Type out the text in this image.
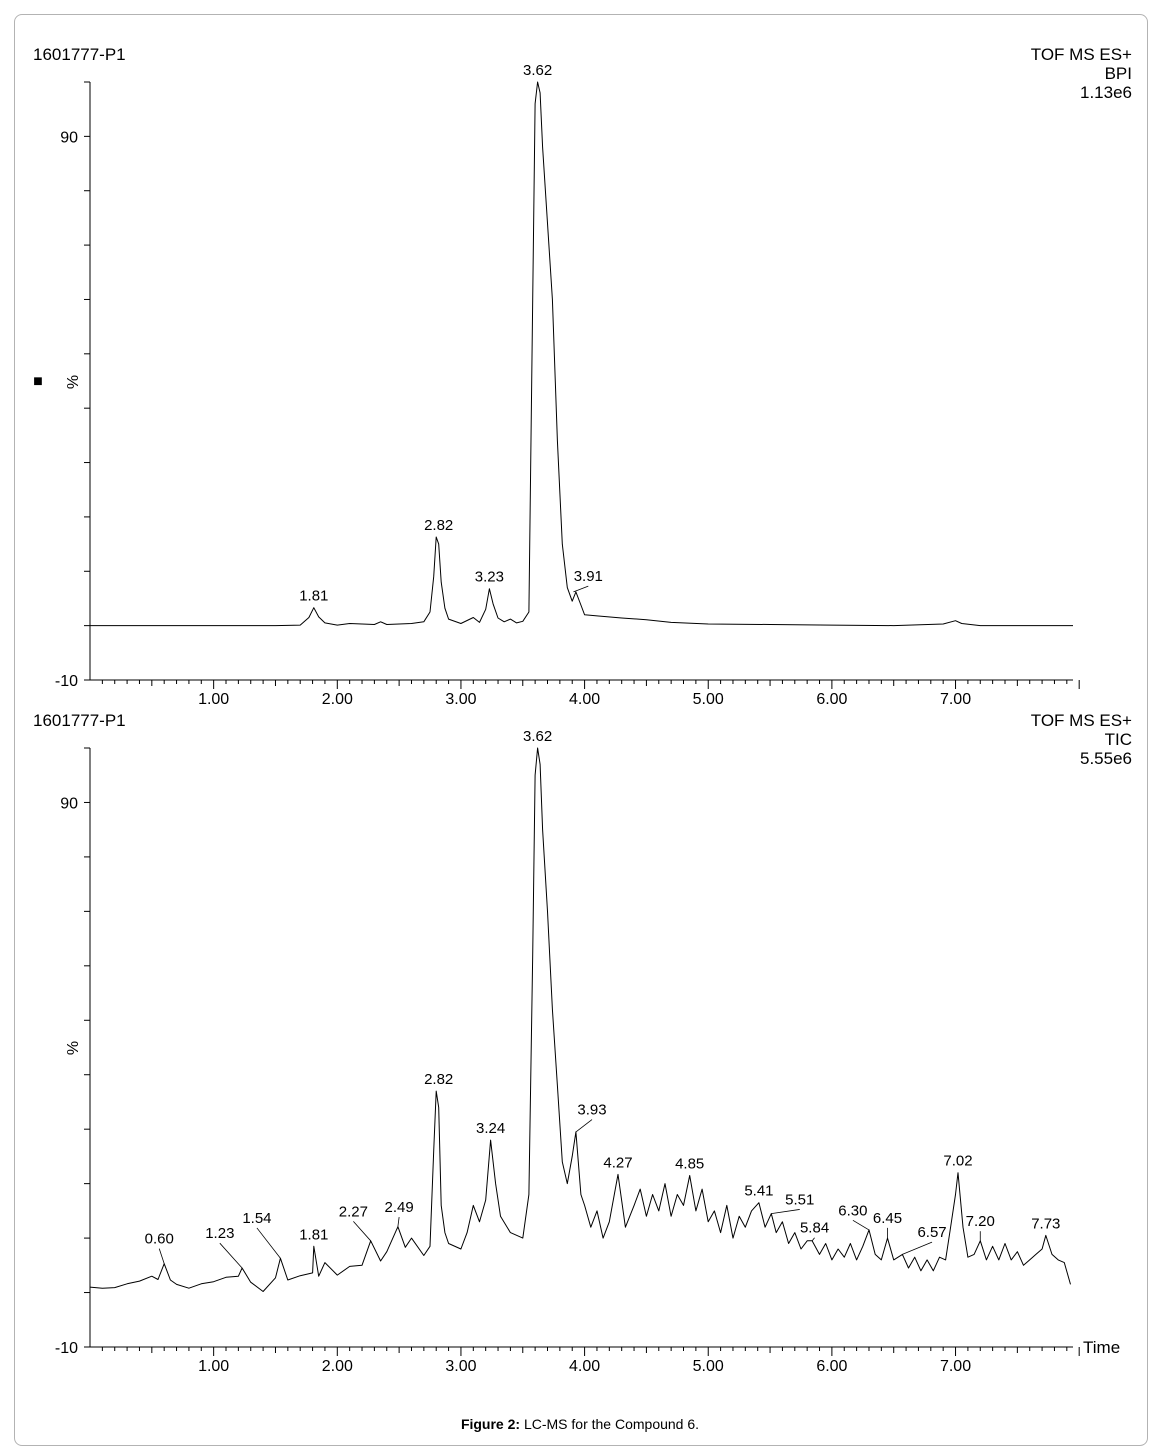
90
-10
1.00	2.00	3.00	4.00	5.00	6.00	7.00
%
■
1601777-P1	TOF MS ES+
BPI
1.13e6
1.81
2.82
3.23
3.62
3.91
90
-10
1.00	2.00	3.00	4.00	5.00	6.00	7.00
%
1601777-P1	TOF MS ES+
TIC
5.55e6
Time
0.60 1.23
1.54
1.81
2.27 2.49
2.82
3.24
3.62
3.93
4.27	4.85
5.41
5.51
5.84
6.30 6.45
6.57
7.02
7.20 7.73
Figure 2: LC-MS for the Compound 6.
